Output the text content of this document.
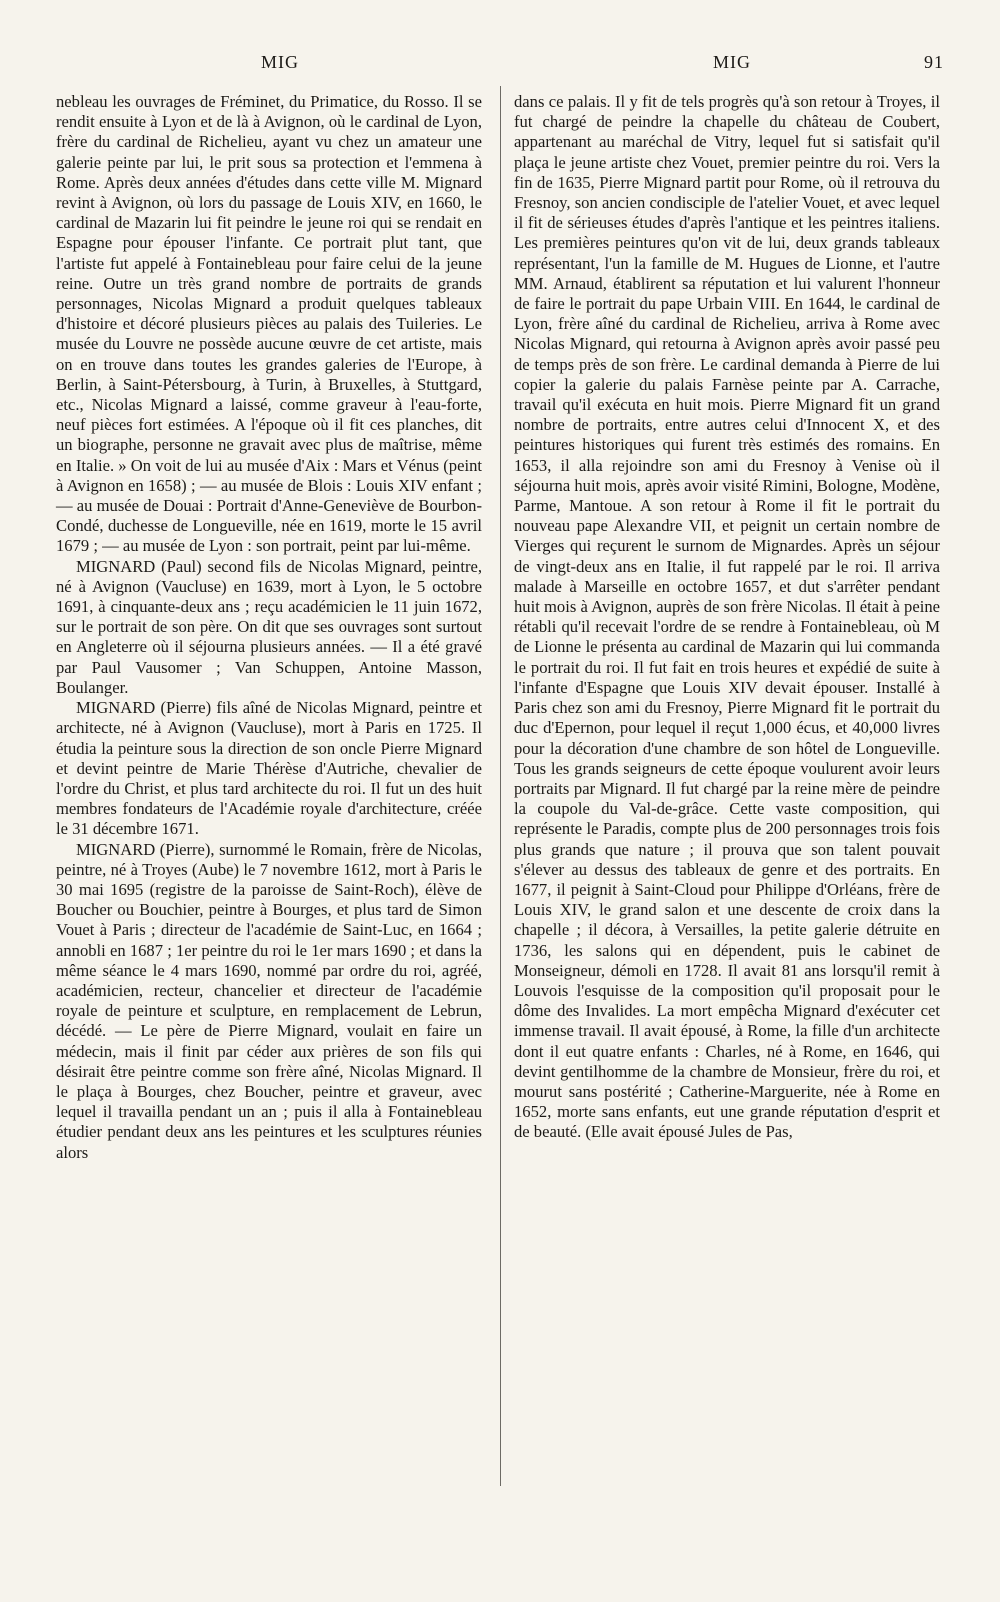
MIG	MIG	91

nebleau les ouvrages de Fréminet, du Primatice, du Rosso. Il se rendit ensuite à Lyon et de là à Avignon, où le cardinal de Lyon, frère du cardinal de Richelieu, ayant vu chez un amateur une galerie peinte par lui, le prit sous sa protection et l'emmena à Rome. Après deux années d'études dans cette ville M. Mignard revint à Avignon, où lors du passage de Louis XIV, en 1660, le cardinal de Mazarin lui fit peindre le jeune roi qui se rendait en Espagne pour épouser l'infante. Ce portrait plut tant, que l'artiste fut appelé à Fontainebleau pour faire celui de la jeune reine. Outre un très grand nombre de portraits de grands personnages, Nicolas Mignard a produit quelques tableaux d'histoire et décoré plusieurs pièces au palais des Tuileries. Le musée du Louvre ne possède aucune œuvre de cet artiste, mais on en trouve dans toutes les grandes galeries de l'Europe, à Berlin, à Saint-Pétersbourg, à Turin, à Bruxelles, à Stuttgard, etc., Nicolas Mignard a laissé, comme graveur à l'eau-forte, neuf pièces fort estimées. A l'époque où il fit ces planches, dit un biographe, personne ne gravait avec plus de maîtrise, même en Italie. » On voit de lui au musée d'Aix : Mars et Vénus (peint à Avignon en 1658) ; — au musée de Blois : Louis XIV enfant ; — au musée de Douai : Portrait d'Anne-Geneviève de Bourbon-Condé, duchesse de Longueville, née en 1619, morte le 15 avril 1679 ; — au musée de Lyon : son portrait, peint par lui-même.

MIGNARD (Paul) second fils de Nicolas Mignard, peintre, né à Avignon (Vaucluse) en 1639, mort à Lyon, le 5 octobre 1691, à cinquante-deux ans ; reçu académicien le 11 juin 1672, sur le portrait de son père. On dit que ses ouvrages sont surtout en Angleterre où il séjourna plusieurs années. — Il a été gravé par Paul Vausomer ; Van Schuppen, Antoine Masson, Boulanger.

MIGNARD (Pierre) fils aîné de Nicolas Mignard, peintre et architecte, né à Avignon (Vaucluse), mort à Paris en 1725. Il étudia la peinture sous la direction de son oncle Pierre Mignard et devint peintre de Marie Thérèse d'Autriche, chevalier de l'ordre du Christ, et plus tard architecte du roi. Il fut un des huit membres fondateurs de l'Académie royale d'architecture, créée le 31 décembre 1671.

MIGNARD (Pierre), surnommé le Romain, frère de Nicolas, peintre, né à Troyes (Aube) le 7 novembre 1612, mort à Paris le 30 mai 1695 (registre de la paroisse de Saint-Roch), élève de Boucher ou Bouchier, peintre à Bourges, et plus tard de Simon Vouet à Paris ; directeur de l'académie de Saint-Luc, en 1664 ; annobli en 1687 ; 1er peintre du roi le 1er mars 1690 ; et dans la même séance le 4 mars 1690, nommé par ordre du roi, agréé, académicien, recteur, chancelier et directeur de l'académie royale de peinture et sculpture, en remplacement de Lebrun, décédé. — Le père de Pierre Mignard, voulait en faire un médecin, mais il finit par céder aux prières de son fils qui désirait être peintre comme son frère aîné, Nicolas Mignard. Il le plaça à Bourges, chez Boucher, peintre et graveur, avec lequel il travailla pendant un an ; puis il alla à Fontainebleau étudier pendant deux ans les peintures et les sculptures réunies alors

dans ce palais. Il y fit de tels progrès qu'à son retour à Troyes, il fut chargé de peindre la chapelle du château de Coubert, appartenant au maréchal de Vitry, lequel fut si satisfait qu'il plaça le jeune artiste chez Vouet, premier peintre du roi. Vers la fin de 1635, Pierre Mignard partit pour Rome, où il retrouva du Fresnoy, son ancien condisciple de l'atelier Vouet, et avec lequel il fit de sérieuses études d'après l'antique et les peintres italiens. Les premières peintures qu'on vit de lui, deux grands tableaux représentant, l'un la famille de M. Hugues de Lionne, et l'autre MM. Arnaud, établirent sa réputation et lui valurent l'honneur de faire le portrait du pape Urbain VIII. En 1644, le cardinal de Lyon, frère aîné du cardinal de Richelieu, arriva à Rome avec Nicolas Mignard, qui retourna à Avignon après avoir passé peu de temps près de son frère. Le cardinal demanda à Pierre de lui copier la galerie du palais Farnèse peinte par A. Carrache, travail qu'il exécuta en huit mois. Pierre Mignard fit un grand nombre de portraits, entre autres celui d'Innocent X, et des peintures historiques qui furent très estimés des romains. En 1653, il alla rejoindre son ami du Fresnoy à Venise où il séjourna huit mois, après avoir visité Rimini, Bologne, Modène, Parme, Mantoue. A son retour à Rome il fit le portrait du nouveau pape Alexandre VII, et peignit un certain nombre de Vierges qui reçurent le surnom de Mignardes. Après un séjour de vingt-deux ans en Italie, il fut rappelé par le roi. Il arriva malade à Marseille en octobre 1657, et dut s'arrêter pendant huit mois à Avignon, auprès de son frère Nicolas. Il était à peine rétabli qu'il recevait l'ordre de se rendre à Fontainebleau, où M de Lionne le présenta au cardinal de Mazarin qui lui commanda le portrait du roi. Il fut fait en trois heures et expédié de suite à l'infante d'Espagne que Louis XIV devait épouser. Installé à Paris chez son ami du Fresnoy, Pierre Mignard fit le portrait du duc d'Epernon, pour lequel il reçut 1,000 écus, et 40,000 livres pour la décoration d'une chambre de son hôtel de Longueville. Tous les grands seigneurs de cette époque voulurent avoir leurs portraits par Mignard. Il fut chargé par la reine mère de peindre la coupole du Val-de-grâce. Cette vaste composition, qui représente le Paradis, compte plus de 200 personnages trois fois plus grands que nature ; il prouva que son talent pouvait s'élever au dessus des tableaux de genre et des portraits. En 1677, il peignit à Saint-Cloud pour Philippe d'Orléans, frère de Louis XIV, le grand salon et une descente de croix dans la chapelle ; il décora, à Versailles, la petite galerie détruite en 1736, les salons qui en dépendent, puis le cabinet de Monseigneur, démoli en 1728. Il avait 81 ans lorsqu'il remit à Louvois l'esquisse de la composition qu'il proposait pour le dôme des Invalides. La mort empêcha Mignard d'exécuter cet immense travail. Il avait épousé, à Rome, la fille d'un architecte dont il eut quatre enfants : Charles, né à Rome, en 1646, qui devint gentilhomme de la chambre de Monsieur, frère du roi, et mourut sans postérité ; Catherine-Marguerite, née à Rome en 1652, morte sans enfants, eut une grande réputation d'esprit et de beauté. (Elle avait épousé Jules de Pas,
